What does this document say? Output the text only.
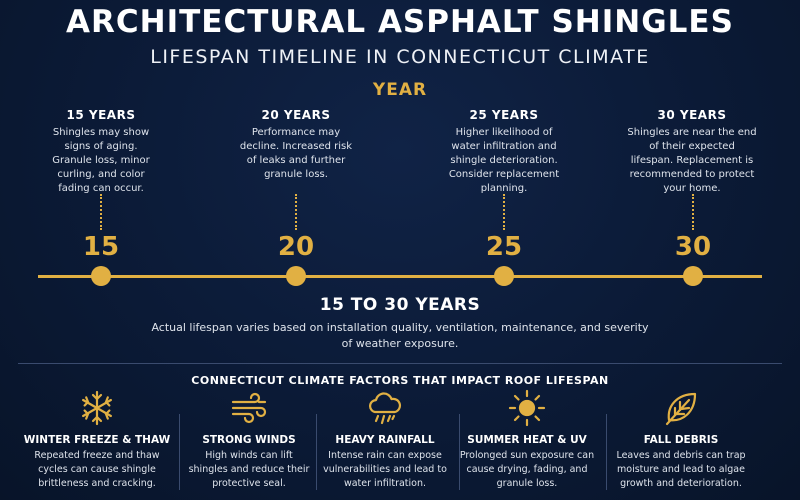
ARCHITECTURAL ASPHALT SHINGLES
LIFESPAN TIMELINE IN CONNECTICUT CLIMATE
YEAR
15 YEARS
Shingles may show signs of aging. Granule loss, minor curling, and color fading can occur.
20 YEARS
Performance may decline. Increased risk of leaks and further granule loss.
25 YEARS
Higher likelihood of water infiltration and shingle deterioration. Consider replacement planning.
30 YEARS
Shingles are near the end of their expected lifespan. Replacement is recommended to protect your home.
15	20	25	30
15 TO 30 YEARS
Actual lifespan varies based on installation quality, ventilation, maintenance, and severity of weather exposure.
CONNECTICUT CLIMATE FACTORS THAT IMPACT ROOF LIFESPAN
WINTER FREEZE & THAW
Repeated freeze and thaw cycles can cause shingle brittleness and cracking.
STRONG WINDS
High winds can lift shingles and reduce their protective seal.
HEAVY RAINFALL
Intense rain can expose vulnerabilities and lead to water infiltration.
SUMMER HEAT & UV
Prolonged sun exposure can cause drying, fading, and granule loss.
FALL DEBRIS
Leaves and debris can trap moisture and lead to algae growth and deterioration.
